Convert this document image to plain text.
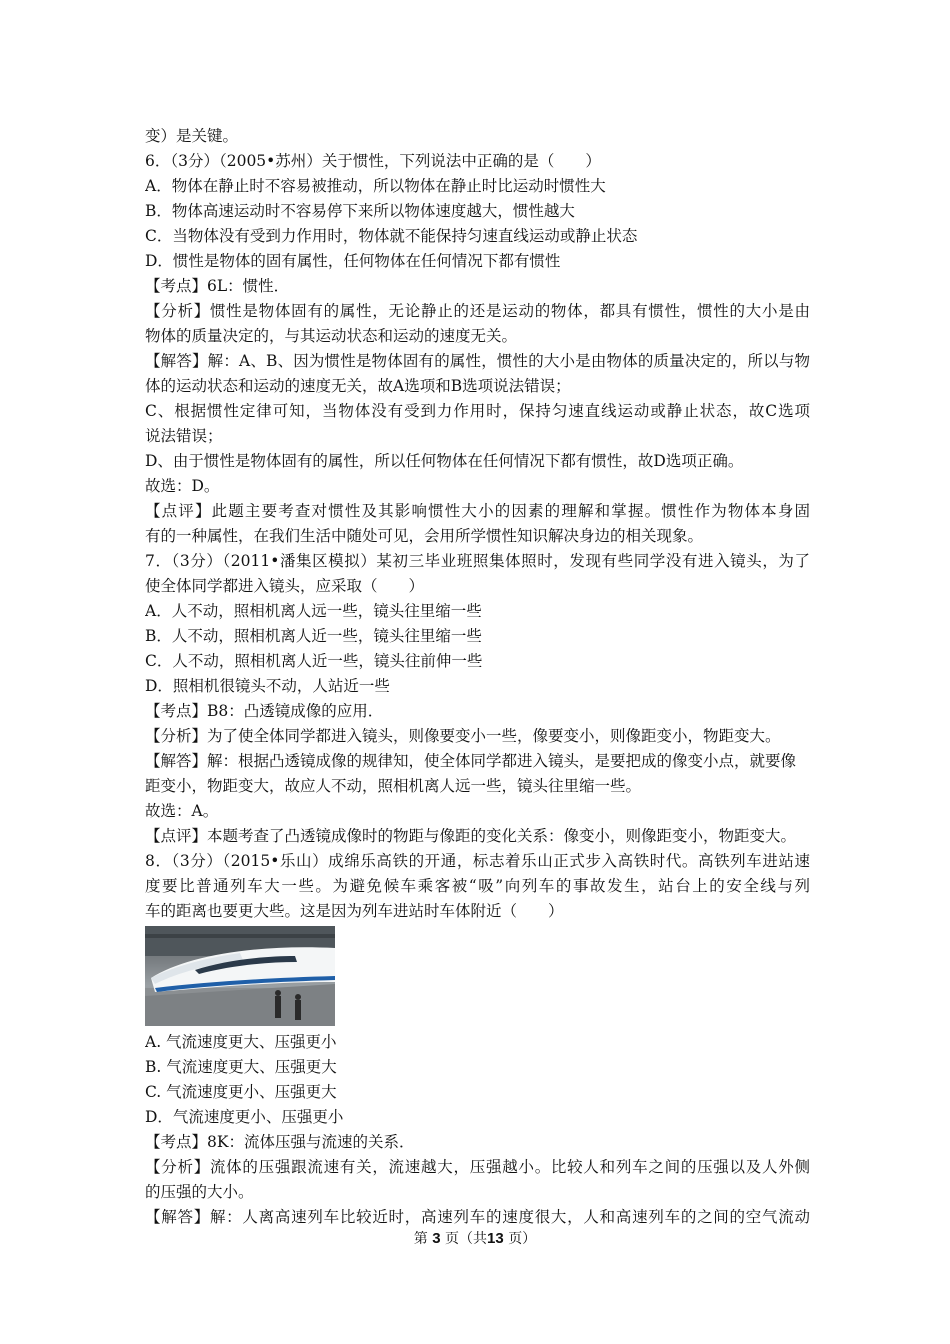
变）是关键。
6．（3分）（2005•苏州）关于惯性，下列说法中正确的是（　　）
A．物体在静止时不容易被推动，所以物体在静止时比运动时惯性大
B．物体高速运动时不容易停下来所以物体速度越大，惯性越大
C．当物体没有受到力作用时，物体就不能保持匀速直线运动或静止状态
D．惯性是物体的固有属性，任何物体在任何情况下都有惯性
【考点】6L：惯性．
【分析】惯性是物体固有的属性，无论静止的还是运动的物体，都具有惯性，惯性的大小是由
物体的质量决定的，与其运动状态和运动的速度无关。
【解答】解：A、B、因为惯性是物体固有的属性，惯性的大小是由物体的质量决定的，所以与物
体的运动状态和运动的速度无关，故A选项和B选项说法错误；
C、根据惯性定律可知，当物体没有受到力作用时，保持匀速直线运动或静止状态，故C选项
说法错误；
D、由于惯性是物体固有的属性，所以任何物体在任何情况下都有惯性，故D选项正确。
故选：D。
【点评】此题主要考查对惯性及其影响惯性大小的因素的理解和掌握。惯性作为物体本身固
有的一种属性，在我们生活中随处可见，会用所学惯性知识解决身边的相关现象。
7．（3分）（2011•潘集区模拟）某初三毕业班照集体照时，发现有些同学没有进入镜头，为了
使全体同学都进入镜头，应采取（　　）
A．人不动，照相机离人远一些，镜头往里缩一些
B．人不动，照相机离人近一些，镜头往里缩一些
C．人不动，照相机离人近一些，镜头往前伸一些
D．照相机很镜头不动，人站近一些
【考点】B8：凸透镜成像的应用．
【分析】为了使全体同学都进入镜头，则像要变小一些，像要变小，则像距变小，物距变大。
【解答】解：根据凸透镜成像的规律知，使全体同学都进入镜头，是要把成的像变小点，就要像
距变小，物距变大，故应人不动，照相机离人远一些，镜头往里缩一些。
故选：A。
【点评】本题考查了凸透镜成像时的物距与像距的变化关系：像变小，则像距变小，物距变大。
8．（3分）（2015•乐山）成绵乐高铁的开通，标志着乐山正式步入高铁时代。高铁列车进站速
度要比普通列车大一些。为避免候车乘客被“吸”向列车的事故发生，站台上的安全线与列
车的距离也要更大些。这是因为列车进站时车体附近（　　）
A. 气流速度更大、压强更小
B. 气流速度更大、压强更大
C. 气流速度更小、压强更大
D．气流速度更小、压强更小
【考点】8K：流体压强与流速的关系．
【分析】流体的压强跟流速有关，流速越大，压强越小。比较人和列车之间的压强以及人外侧
的压强的大小。
【解答】解：人离高速列车比较近时，高速列车的速度很大，人和高速列车的之间的空气流动
第 3 页（共13 页）
